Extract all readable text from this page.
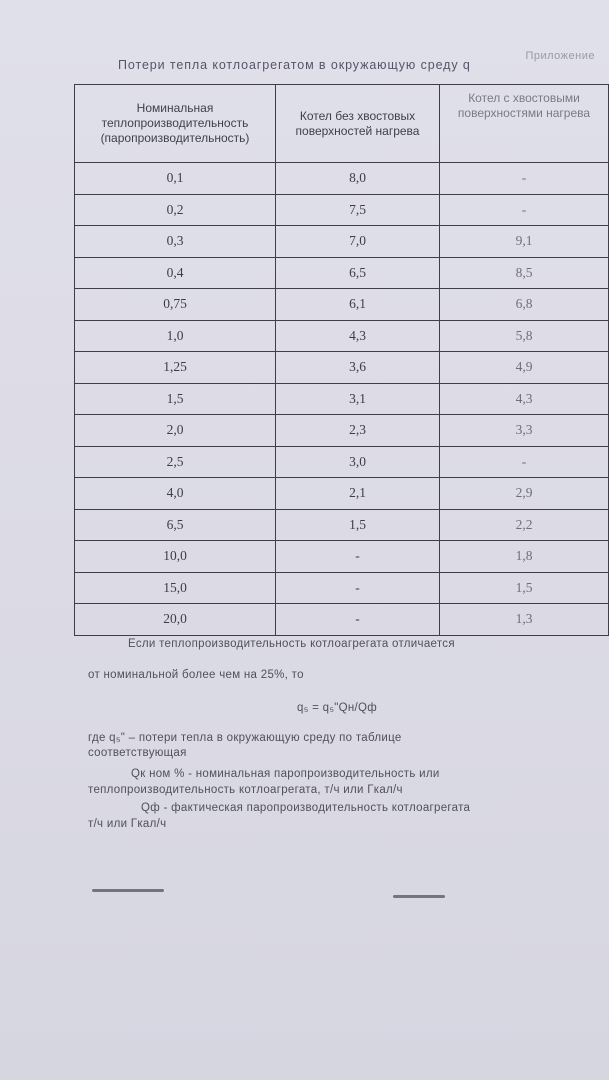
Приложение
Потери тепла котлоагрегатом в окружающую среду q
Номинальная теплопроизводительность (паропроизводительность)	Котел без хвостовых поверхностей нагрева	Котел с хвостовыми поверхностями нагрева
0,1	8,0	-
0,2	7,5	-
0,3	7,0	9,1
0,4	6,5	8,5
0,75	6,1	6,8
1,0	4,3	5,8
1,25	3,6	4,9
1,5	3,1	4,3
2,0	2,3	3,3
2,5	3,0	-
4,0	2,1	2,9
6,5	1,5	2,2
10,0	-	1,8
15,0	-	1,5
20,0	-	1,3
Если теплопроизводительность котлоагрегата отличается
от номинальной более чем на 25%, то
q₅ = q₅"Qн/Qф
где q₅" – потери тепла в окружающую среду по таблице
соответствующая
Qк ном % - номинальная паропроизводительность или
теплопроизводительность котлоагрегата, т/ч или Гкал/ч
Qф - фактическая паропроизводительность котлоагрегата
т/ч или Гкал/ч
